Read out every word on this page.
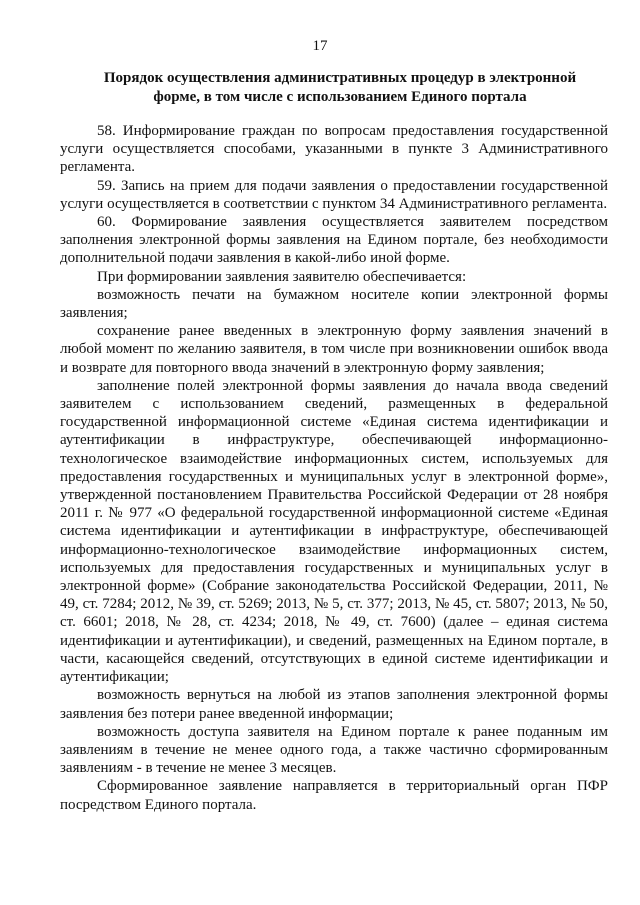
17
Порядок осуществления административных процедур в электронной
форме, в том числе с использованием Единого портала

58. Информирование граждан по вопросам предоставления государственной услуги осуществляется способами, указанными в пункте 3 Административного регламента.

59. Запись на прием для подачи заявления о предоставлении государственной услуги осуществляется в соответствии с пунктом 34 Административного регламента.

60. Формирование заявления осуществляется заявителем посредством заполнения электронной формы заявления на Едином портале, без необходимости дополнительной подачи заявления в какой-либо иной форме.

При формировании заявления заявителю обеспечивается:

возможность печати на бумажном носителе копии электронной формы заявления;

сохранение ранее введенных в электронную форму заявления значений в любой момент по желанию заявителя, в том числе при возникновении ошибок ввода и возврате для повторного ввода значений в электронную форму заявления;

заполнение полей электронной формы заявления до начала ввода сведений заявителем с использованием сведений, размещенных в федеральной государственной информационной системе «Единая система идентификации и аутентификации в инфраструктуре, обеспечивающей информационно-технологическое взаимодействие информационных систем, используемых для предоставления государственных и муниципальных услуг в электронной форме», утвержденной постановлением Правительства Российской Федерации от 28 ноября 2011 г. № 977 «О федеральной государственной информационной системе «Единая система идентификации и аутентификации в инфраструктуре, обеспечивающей информационно-технологическое взаимодействие информационных систем, используемых для предоставления государственных и муниципальных услуг в электронной форме» (Собрание законодательства Российской Федерации, 2011, № 49, ст. 7284; 2012, № 39, ст. 5269; 2013, № 5, ст. 377; 2013, № 45, ст. 5807; 2013, № 50, ст. 6601; 2018, № 28, ст. 4234; 2018, № 49, ст. 7600) (далее – единая система идентификации и аутентификации), и сведений, размещенных на Едином портале, в части, касающейся сведений, отсутствующих в единой системе идентификации и аутентификации;

возможность вернуться на любой из этапов заполнения электронной формы заявления без потери ранее введенной информации;

возможность доступа заявителя на Едином портале к ранее поданным им заявлениям в течение не менее одного года, а также частично сформированным заявлениям - в течение не менее 3 месяцев.

Сформированное заявление направляется в территориальный орган ПФР посредством Единого портала.
